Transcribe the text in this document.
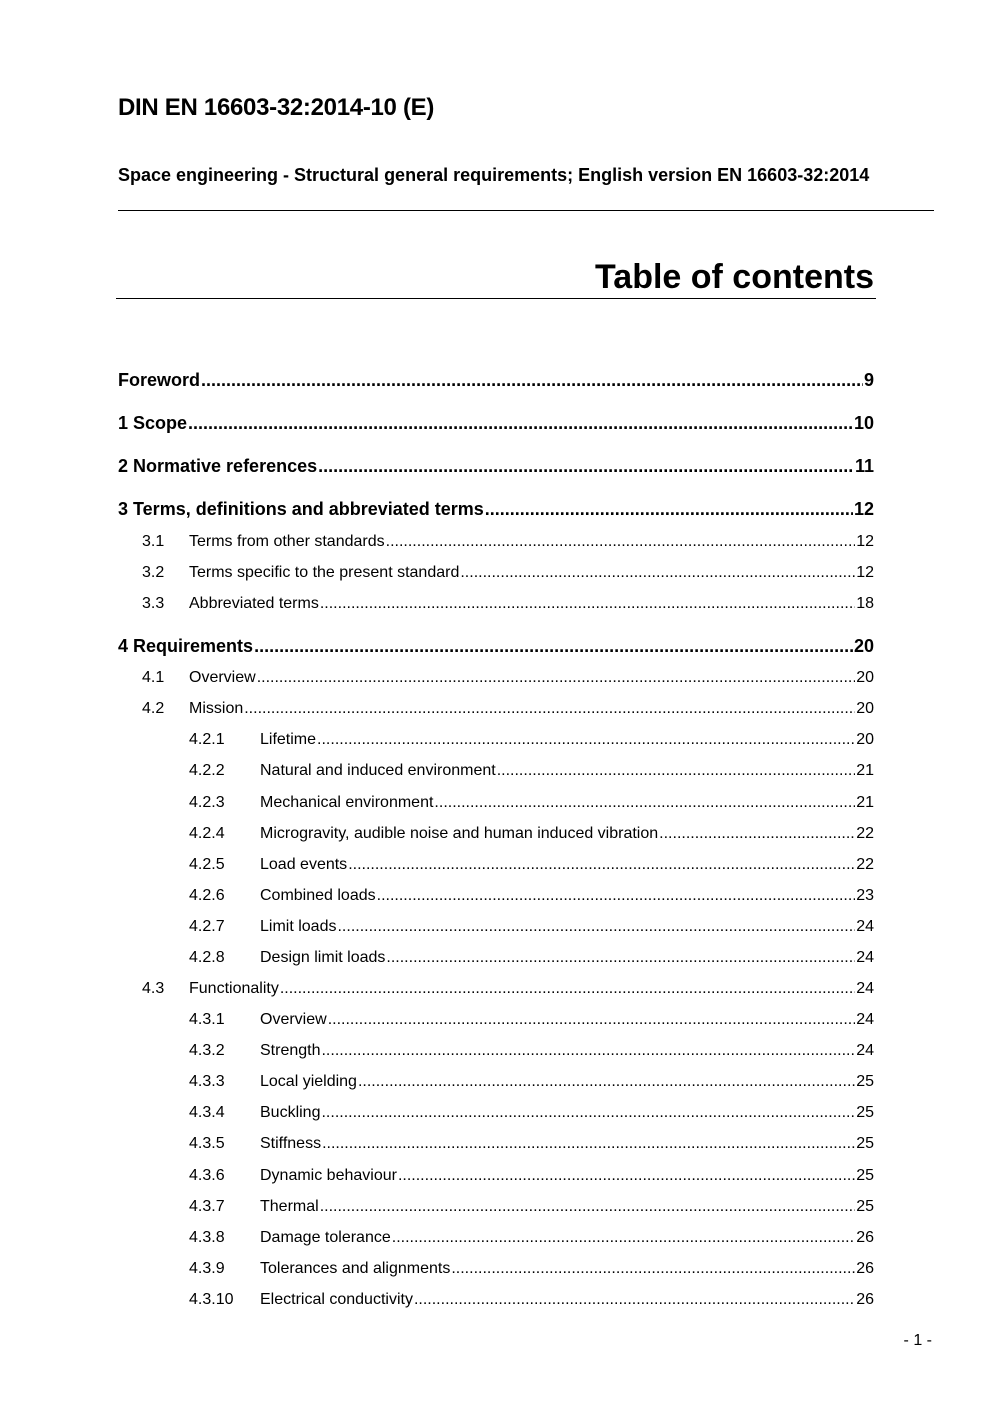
DIN EN 16603-32:2014-10 (E)
Space engineering - Structural general requirements; English version EN 16603-32:2014
Table of contents
Foreword .....	9
1 Scope .....	10
2 Normative references .....	11
3 Terms, definitions and abbreviated terms .....	12
3.1	Terms from other standards .....	12
3.2	Terms specific to the present standard .....	12
3.3	Abbreviated terms .....	18
4 Requirements .....	20
4.1	Overview .....	20
4.2	Mission .....	20
4.2.1	Lifetime .....	20
4.2.2	Natural and induced environment .....	21
4.2.3	Mechanical environment .....	21
4.2.4	Microgravity, audible noise and human induced vibration .....	22
4.2.5	Load events .....	22
4.2.6	Combined loads .....	23
4.2.7	Limit loads .....	24
4.2.8	Design limit loads .....	24
4.3	Functionality .....	24
4.3.1	Overview .....	24
4.3.2	Strength .....	24
4.3.3	Local yielding .....	25
4.3.4	Buckling .....	25
4.3.5	Stiffness .....	25
4.3.6	Dynamic behaviour .....	25
4.3.7	Thermal .....	25
4.3.8	Damage tolerance .....	26
4.3.9	Tolerances and alignments .....	26
4.3.10	Electrical conductivity .....	26
- 1 -
